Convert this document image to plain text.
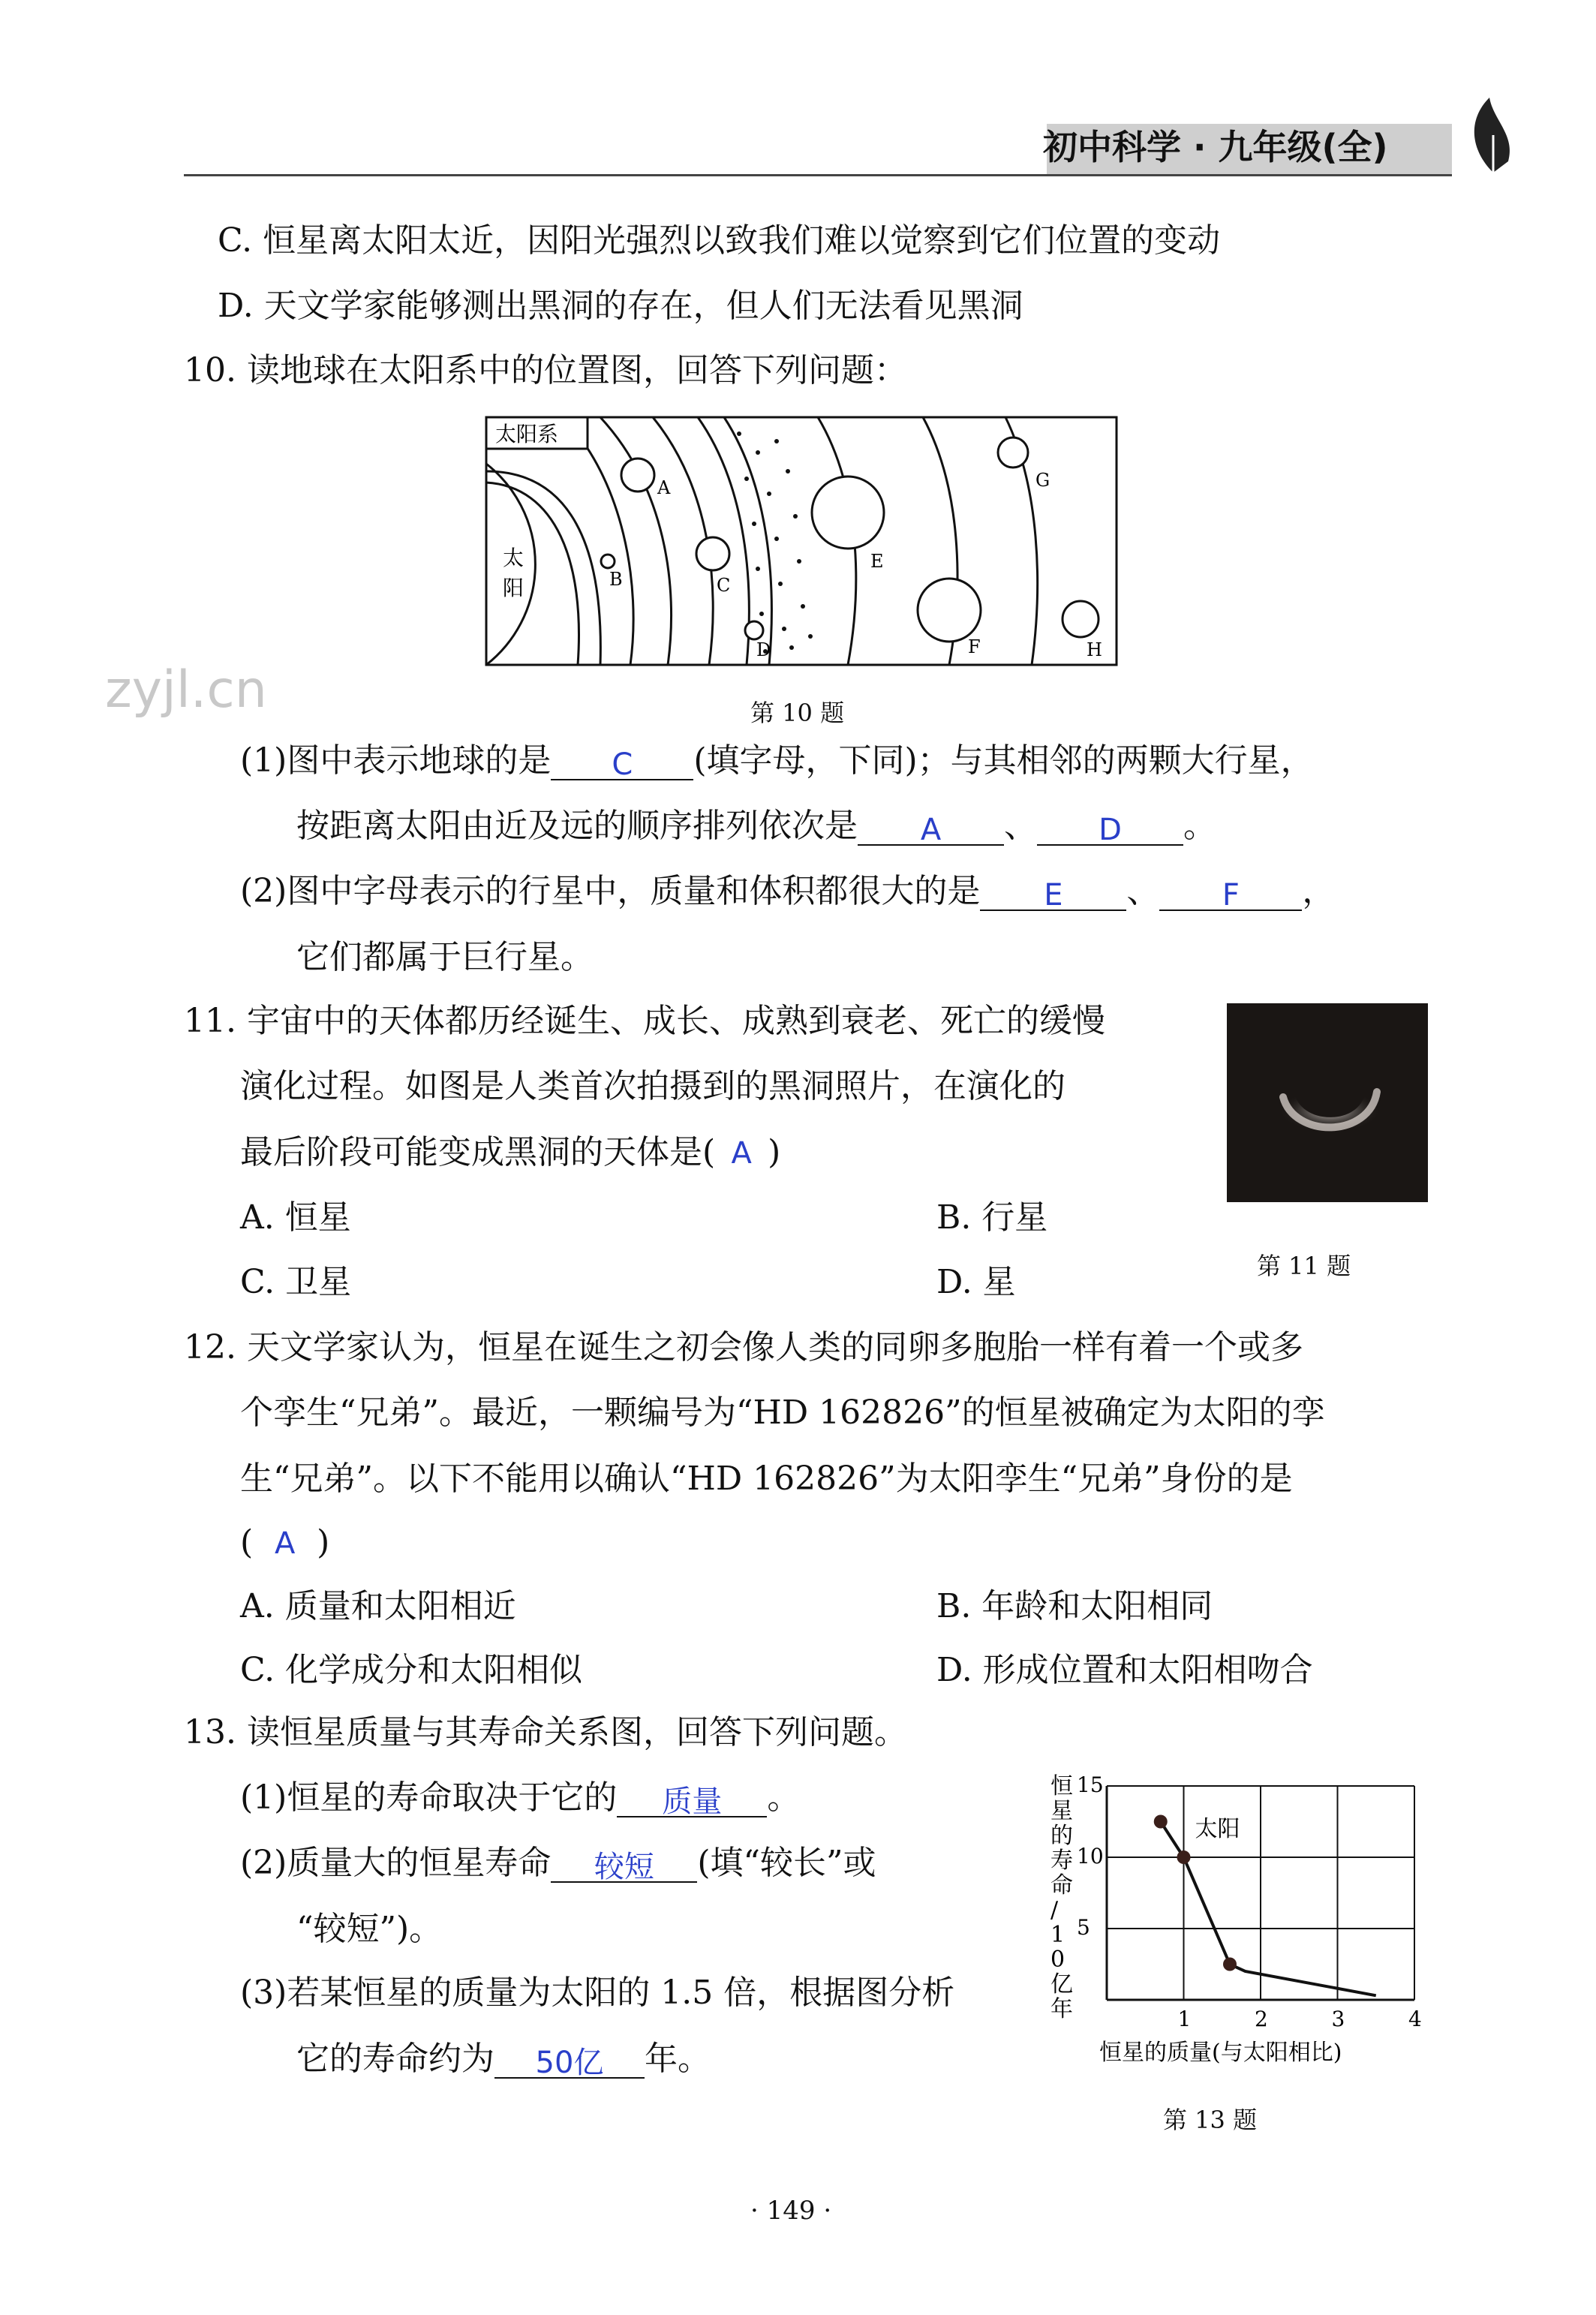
初中科学 · 九年级(全)
zyjl.cn
C. 恒星离太阳太近，因阳光强烈以致我们难以觉察到它们位置的变动
D. 天文学家能够测出黑洞的存在，但人们无法看见黑洞
10. 读地球在太阳系中的位置图，回答下列问题：
太阳系
太
阳
A
B	C
D
E
F
G
H
第 10 题
(1)图中表示地球的是 C (填字母，下同)；与其相邻的两颗大行星，
按距离太阳由近及远的顺序排列依次是 A 、 D 。
(2)图中字母表示的行星中，质量和体积都很大的是 E 、 F ，
它们都属于巨行星。
11. 宇宙中的天体都历经诞生、成长、成熟到衰老、死亡的缓慢
演化过程。如图是人类首次拍摄到的黑洞照片，在演化的
最后阶段可能变成黑洞的天体是( A )
A. 恒星	B. 行星
C. 卫星	D. 星	第 11 题
12. 天文学家认为，恒星在诞生之初会像人类的同卵多胞胎一样有着一个或多
个孪生“兄弟”。最近，一颗编号为“HD 162826”的恒星被确定为太阳的孪
生“兄弟”。以下不能用以确认“HD 162826”为太阳孪生“兄弟”身份的是
( A )
A. 质量和太阳相近	B. 年龄和太阳相同
C. 化学成分和太阳相似	D. 形成位置和太阳相吻合
13. 读恒星质量与其寿命关系图，回答下列问题。
(1)恒星的寿命取决于它的 质量 。
(2)质量大的恒星寿命 较短 (填“较长”或
“较短”)。
(3)若某恒星的质量为太阳的 1.5 倍，根据图分析
它的寿命约为 50亿 年。
1	2	3	4
5
10
15
恒
星
的
寿
命
/
1
0
亿
年
恒星的质量(与太阳相比)
太阳
第 13 题
· 149 ·
